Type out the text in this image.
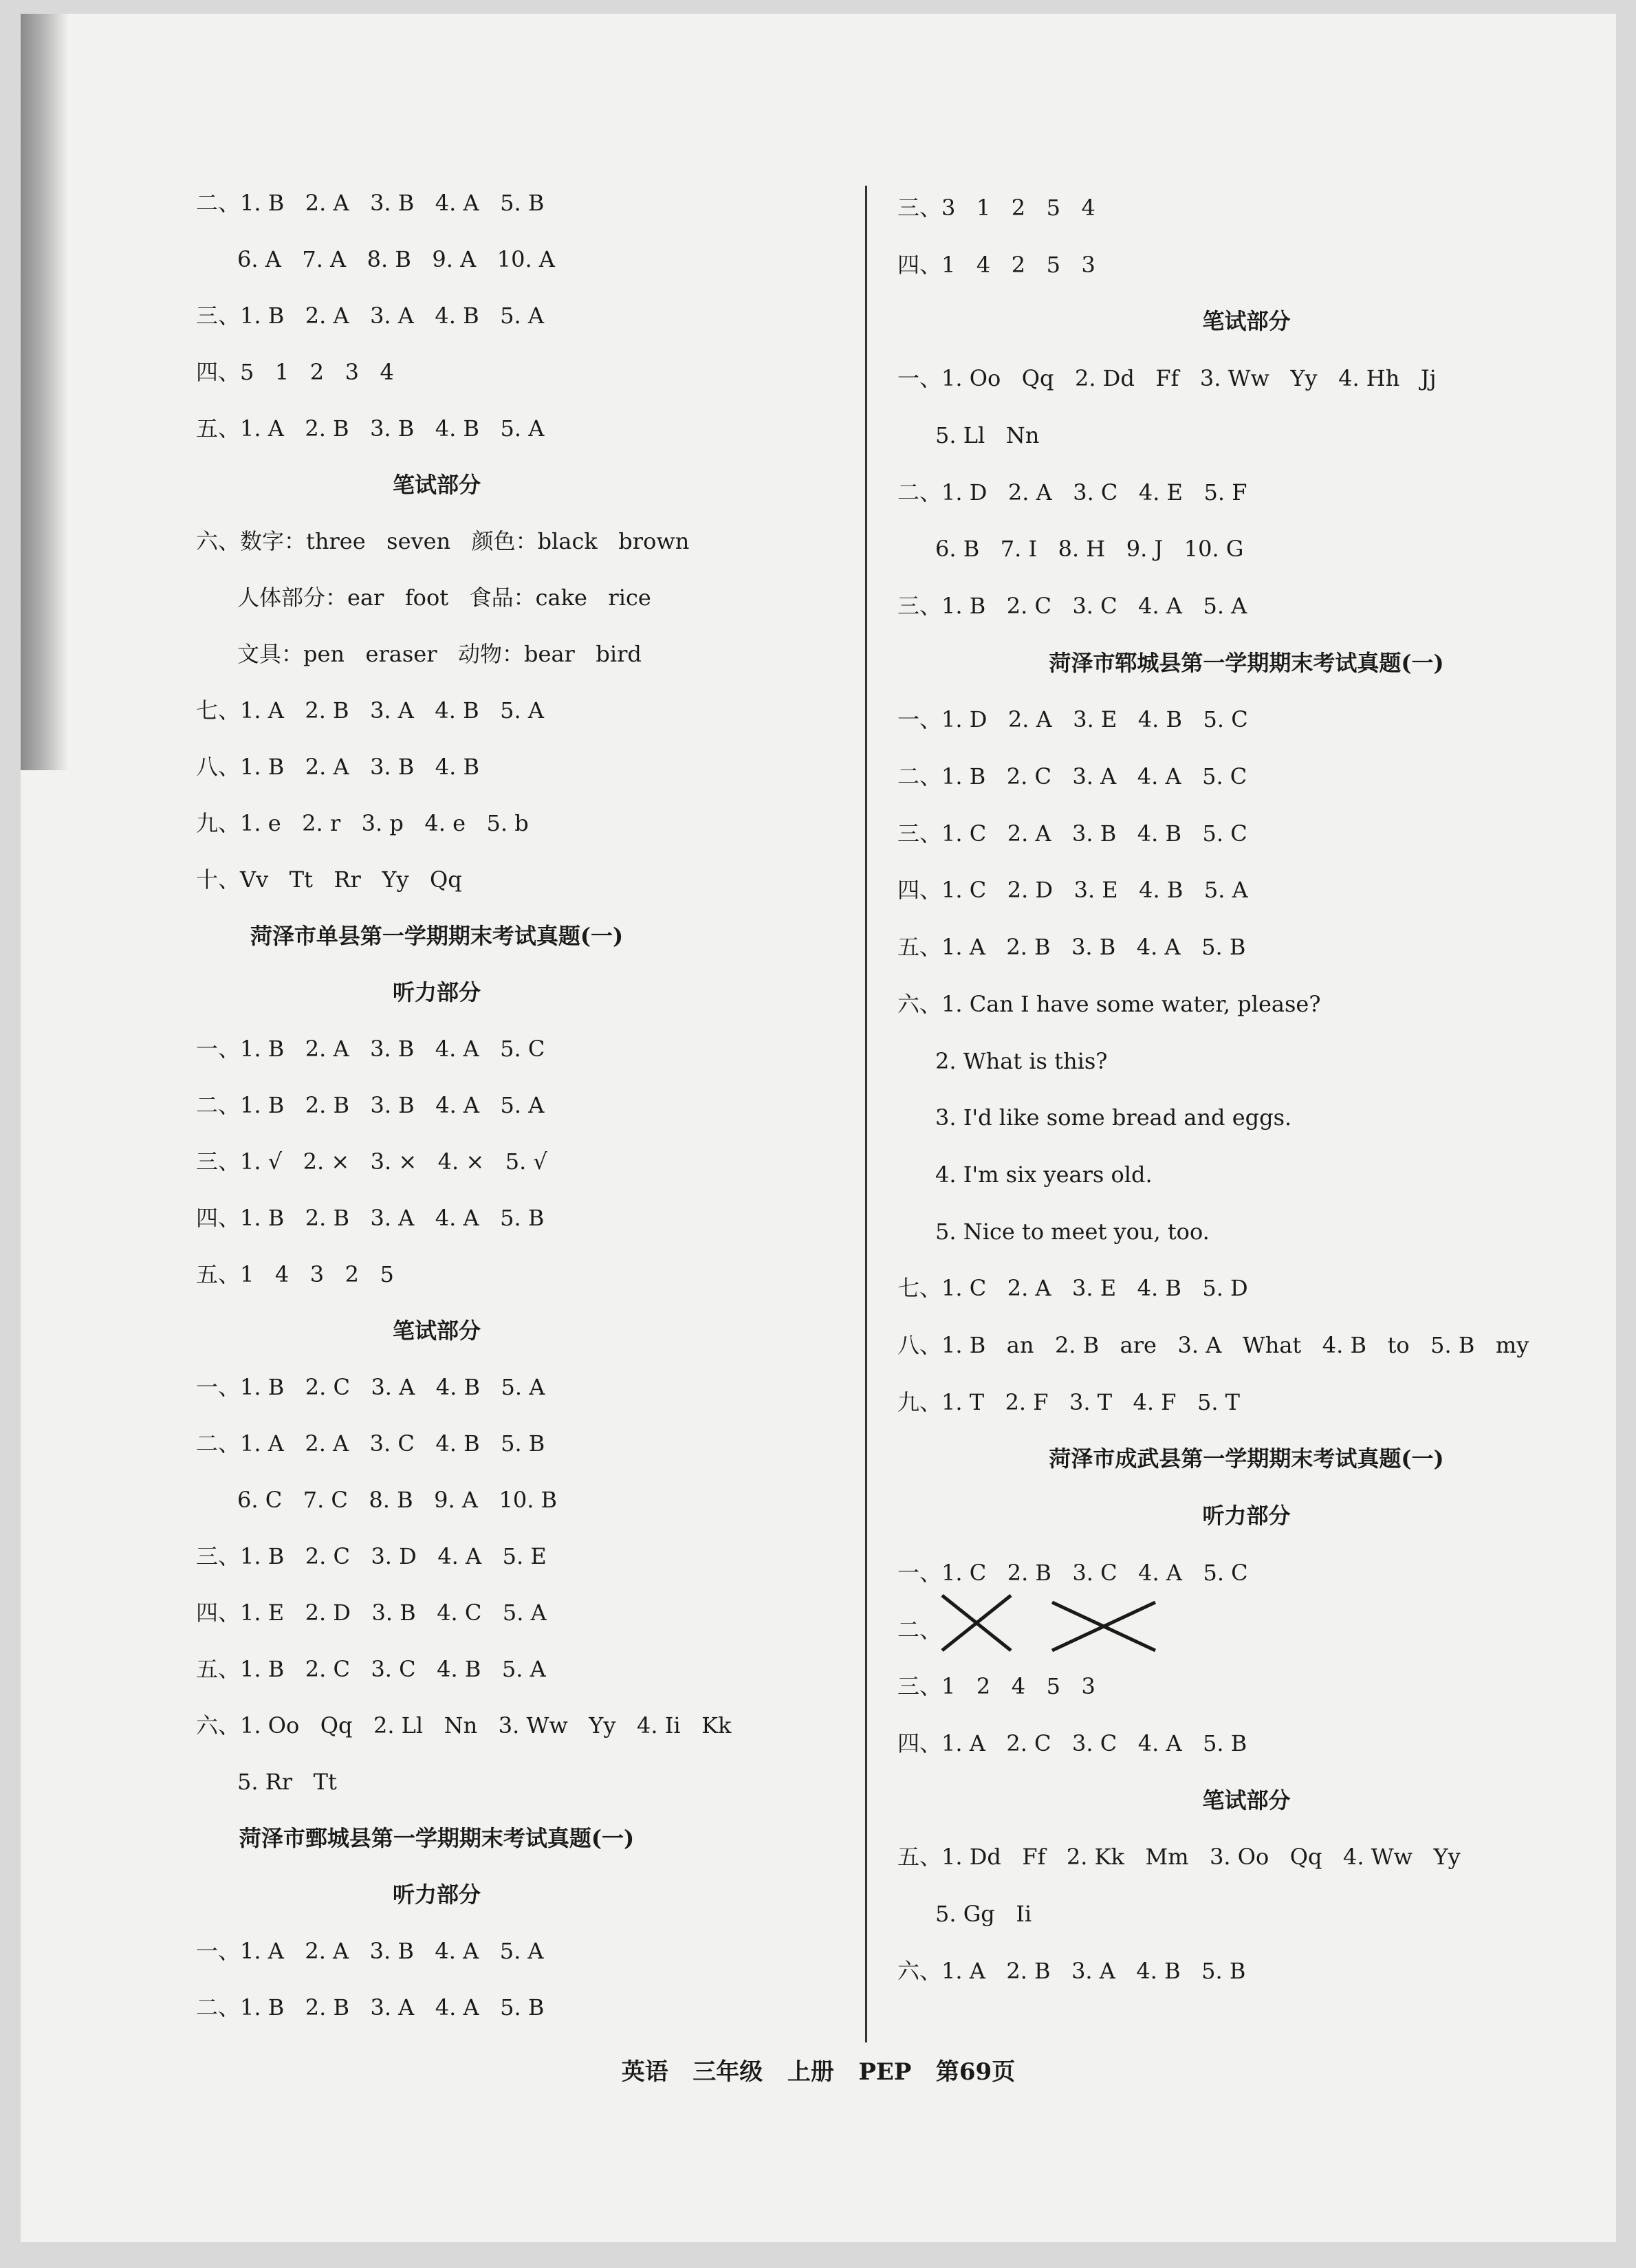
二、1. B   2. A   3. B   4. A   5. B
6. A   7. A   8. B   9. A   10. A
三、1. B   2. A   3. A   4. B   5. A
四、5   1   2   3   4
五、1. A   2. B   3. B   4. B   5. A
笔试部分
六、数字：three   seven   颜色：black   brown
人体部分：ear   foot   食品：cake   rice
文具：pen   eraser   动物：bear   bird
七、1. A   2. B   3. A   4. B   5. A
八、1. B   2. A   3. B   4. B
九、1. e   2. r   3. p   4. e   5. b
十、Vv   Tt   Rr   Yy   Qq
菏泽市单县第一学期期末考试真题(一)
听力部分
一、1. B   2. A   3. B   4. A   5. C
二、1. B   2. B   3. B   4. A   5. A
三、1. √   2. ×   3. ×   4. ×   5. √
四、1. B   2. B   3. A   4. A   5. B
五、1   4   3   2   5
笔试部分
一、1. B   2. C   3. A   4. B   5. A
二、1. A   2. A   3. C   4. B   5. B
6. C   7. C   8. B   9. A   10. B
三、1. B   2. C   3. D   4. A   5. E
四、1. E   2. D   3. B   4. C   5. A
五、1. B   2. C   3. C   4. B   5. A
六、1. Oo   Qq   2. Ll   Nn   3. Ww   Yy   4. Ii   Kk
5. Rr   Tt
菏泽市鄄城县第一学期期末考试真题(一)
听力部分
一、1. A   2. A   3. B   4. A   5. A
二、1. B   2. B   3. A   4. A   5. B
三、3   1   2   5   4
四、1   4   2   5   3
笔试部分
一、1. Oo   Qq   2. Dd   Ff   3. Ww   Yy   4. Hh   Jj
5. Ll   Nn
二、1. D   2. A   3. C   4. E   5. F
6. B   7. I   8. H   9. J   10. G
三、1. B   2. C   3. C   4. A   5. A
菏泽市郓城县第一学期期末考试真题(一)
一、1. D   2. A   3. E   4. B   5. C
二、1. B   2. C   3. A   4. A   5. C
三、1. C   2. A   3. B   4. B   5. C
四、1. C   2. D   3. E   4. B   5. A
五、1. A   2. B   3. B   4. A   5. B
六、1. Can I have some water, please?
2. What is this?
3. I'd like some bread and eggs.
4. I'm six years old.
5. Nice to meet you, too.
七、1. C   2. A   3. E   4. B   5. D
八、1. B   an   2. B   are   3. A   What   4. B   to   5. B   my
九、1. T   2. F   3. T   4. F   5. T
菏泽市成武县第一学期期末考试真题(一)
听力部分
一、1. C   2. B   3. C   4. A   5. C
二、
三、1   2   4   5   3
四、1. A   2. C   3. C   4. A   5. B
笔试部分
五、1. Dd   Ff   2. Kk   Mm   3. Oo   Qq   4. Ww   Yy
5. Gg   Ii
六、1. A   2. B   3. A   4. B   5. B
英语   三年级   上册   PEP   第69页
